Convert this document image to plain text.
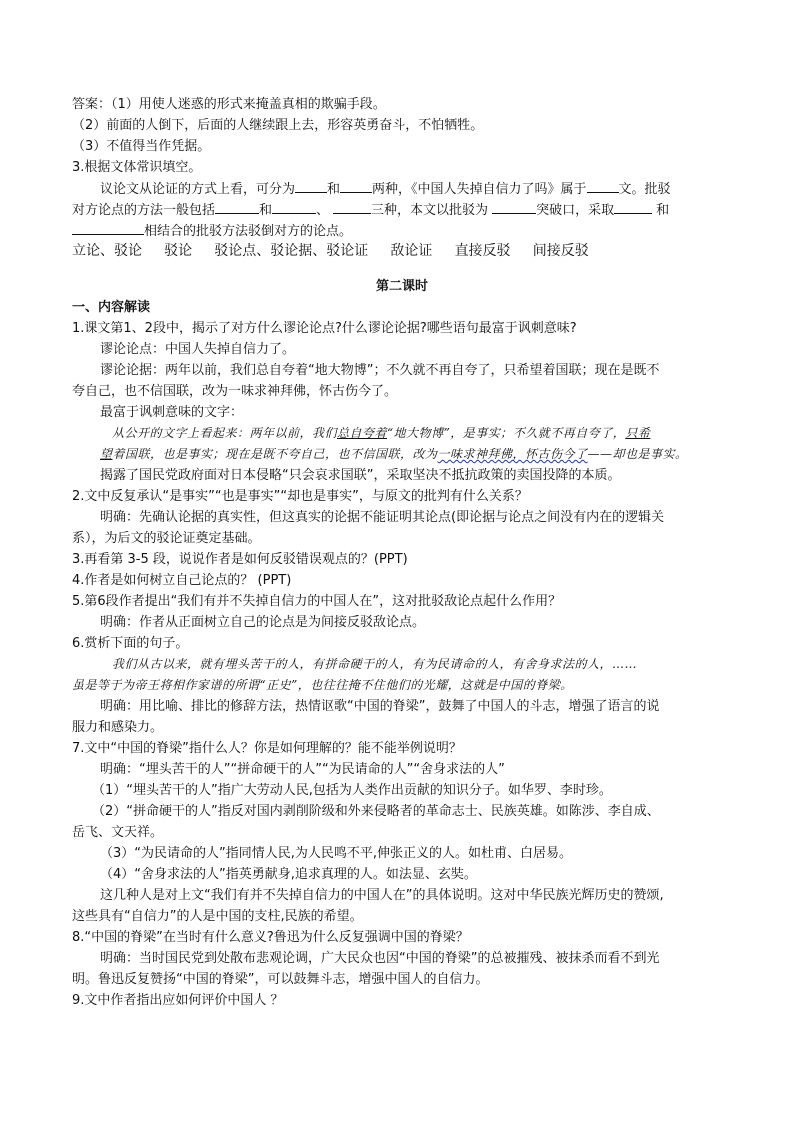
答案：（1）用使人迷惑的形式来掩盖真相的欺骗手段。
（2）前面的人倒下，后面的人继续跟上去，形容英勇奋斗，不怕牺牲。
（3）不值得当作凭据。
3.根据文体常识填空。
议论文从论证的方式上看，可分为 和 两种，《中国人失掉自信力了吗》属于 文。批驳
对方论点的方法一般包括	和	、	三种，本文以批驳为	突破口，采取	和
相结合的批驳方法驳倒对方的论点。
立论、驳论 驳论 驳论点、驳论据、驳论证 敌论证 直接反驳 间接反驳
第二课时
一、内容解读
1.课文第1、2段中，揭示了对方什么谬论论点?什么谬论论据?哪些语句最富于讽刺意味?
谬论论点：中国人失掉自信力了。
谬论论据：两年以前，我们总自夸着“地大物博”；不久就不再自夸了，只希望着国联；现在是既不
夸自己，也不信国联，改为一味求神拜佛，怀古伤今了。
最富于讽刺意味的文字：
从公开的文字上看起来：两年以前，我们总自夸着“地大物博”，是事实；不久就不再自夸了，只希
望着国联，也是事实；现在是既不夸自己，也不信国联，改为一味求神拜佛，怀古伤今了——却也是事实。
揭露了国民党政府面对日本侵略“只会哀求国联”，采取坚决不抵抗政策的卖国投降的本质。
2.文中反复承认“是事实”“也是事实”“却也是事实”，与原文的批判有什么关系？
明确：先确认论据的真实性，但这真实的论据不能证明其论点(即论据与论点之间没有内在的逻辑关
系），为后文的驳论证奠定基础。
3.再看第 3-5 段，说说作者是如何反驳错误观点的？(PPT)
4.作者是如何树立自己论点的？ (PPT)
5.第6段作者提出“我们有并不失掉自信力的中国人在”，这对批驳敌论点起什么作用？
明确：作者从正面树立自己的论点是为间接反驳敌论点。
6.赏析下面的句子。
我们从古以来，就有埋头苦干的人，有拼命硬干的人，有为民请命的人，有舍身求法的人，……
虽是等于为帝王将相作家谱的所谓“正史”，也往往掩不住他们的光耀，这就是中国的脊梁。
明确：用比喻、排比的修辞方法，热情讴歌“中国的脊梁”，鼓舞了中国人的斗志，增强了语言的说
服力和感染力。
7.文中“中国的脊梁”指什么人？你是如何理解的？能不能举例说明？
明确：“埋头苦干的人”“拼命硬干的人”“为民请命的人”“舍身求法的人”
（1）“埋头苦干的人”指广大劳动人民,包括为人类作出贡献的知识分子。如华罗、李时珍。
（2）“拼命硬干的人”指反对国内剥削阶级和外来侵略者的革命志士、民族英雄。如陈涉、李自成、
岳飞、文天祥。
（3）“为民请命的人”指同情人民,为人民鸣不平,伸张正义的人。如杜甫、白居易。
（4）“舍身求法的人”指英勇献身,追求真理的人。如法显、玄奘。
这几种人是对上文“我们有并不失掉自信力的中国人在”的具体说明。这对中华民族光辉历史的赞颂,
这些具有“自信力”的人是中国的支柱,民族的希望。
8.“中国的脊梁”在当时有什么意义?鲁迅为什么反复强调中国的脊梁？
明确：当时国民党到处散布悲观论调，广大民众也因“中国的脊梁”的总被摧残、被抹杀而看不到光
明。鲁迅反复赞扬“中国的脊梁”，可以鼓舞斗志，增强中国人的自信力。
9.文中作者指出应如何评价中国人 ？
